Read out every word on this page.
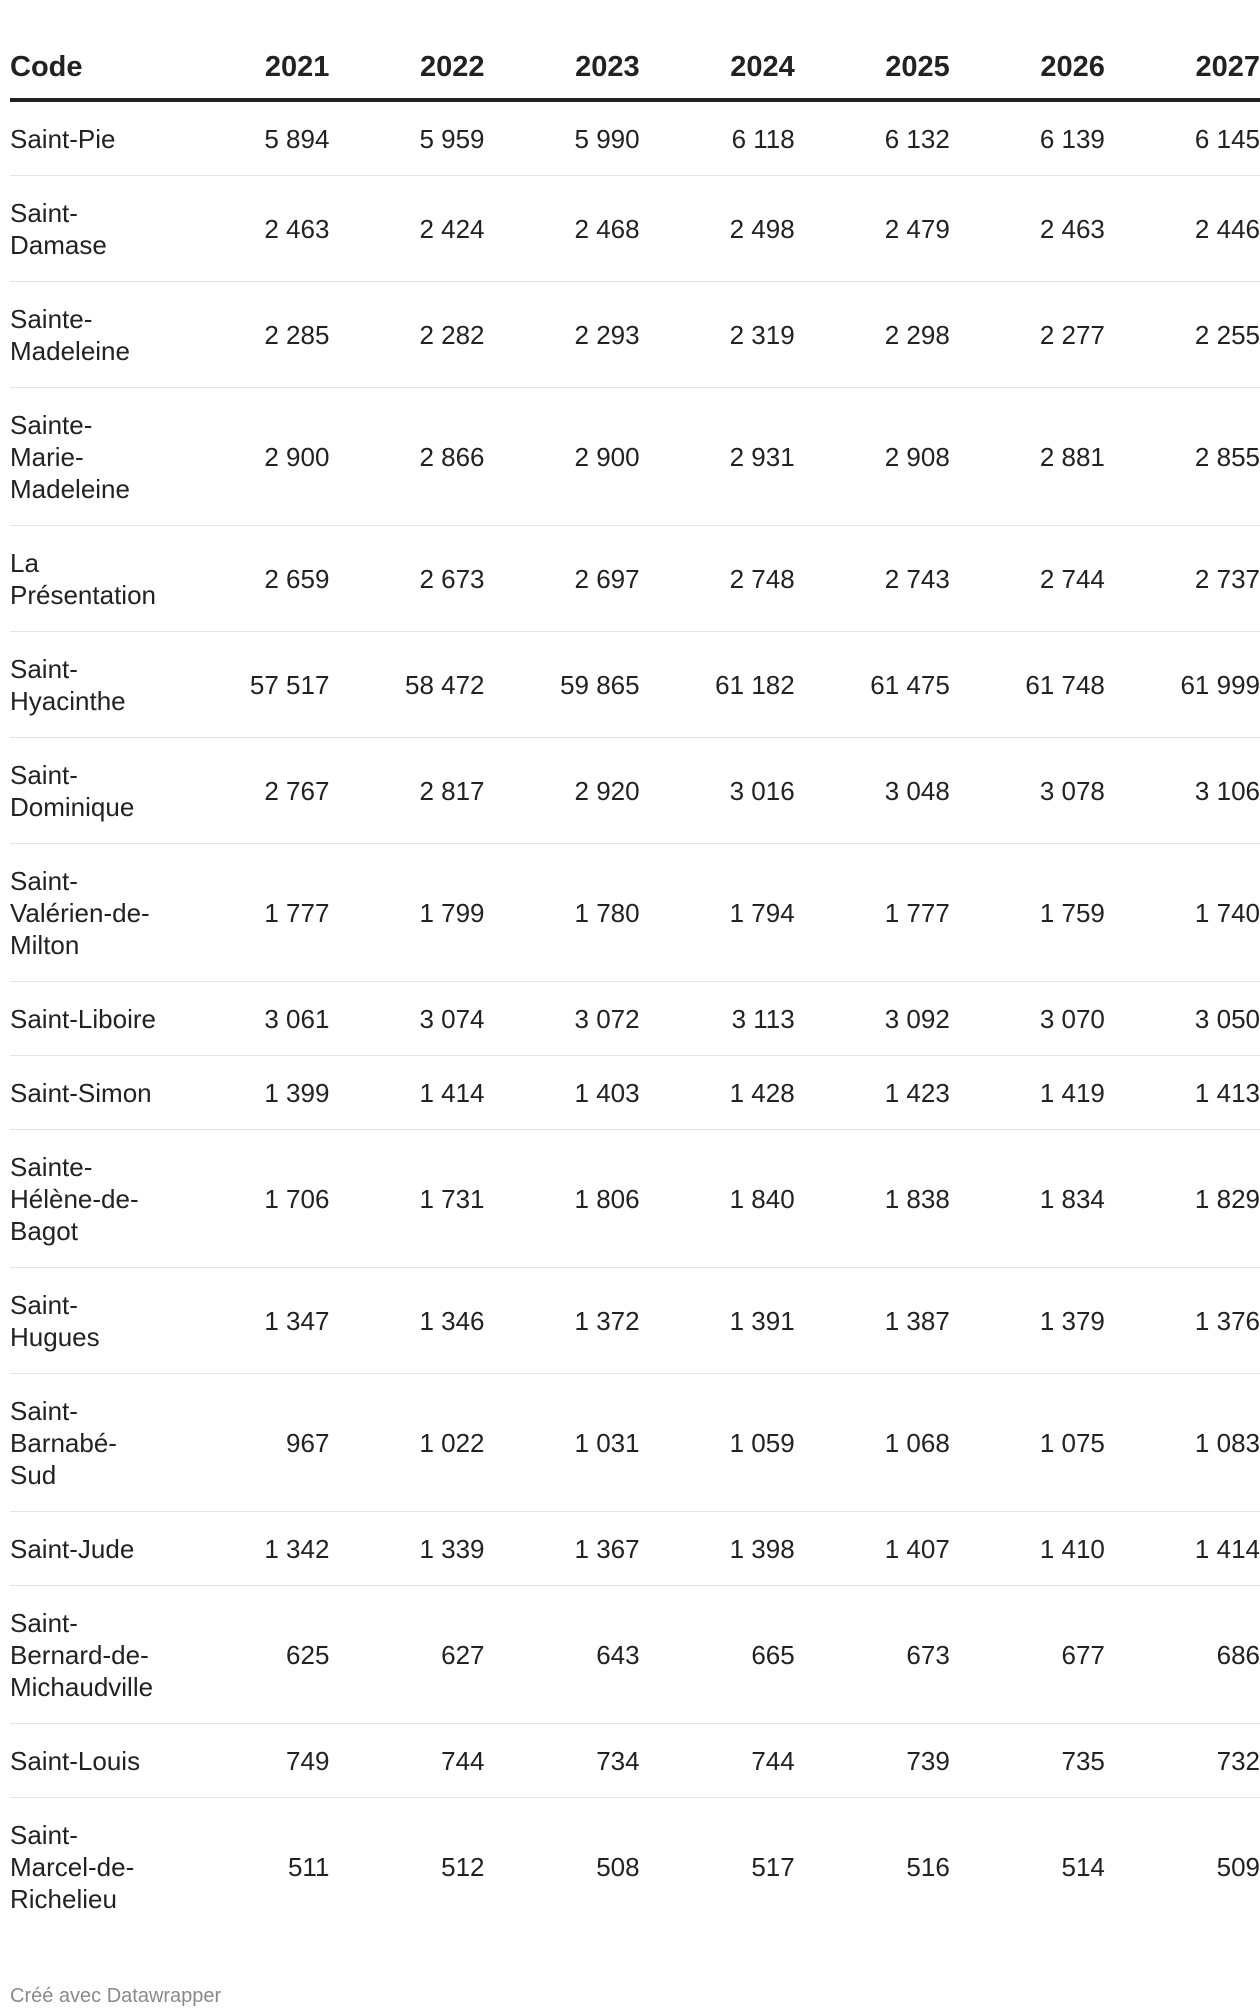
Code	2021	2022	2023	2024	2025	2026	2027
Saint-Pie	5 894	5 959	5 990	6 118	6 132	6 139	6 145
Saint-
Damase	2 463	2 424	2 468	2 498	2 479	2 463	2 446
Sainte-
Madeleine	2 285	2 282	2 293	2 319	2 298	2 277	2 255
Sainte-
Marie-
Madeleine	2 900	2 866	2 900	2 931	2 908	2 881	2 855
La
Présentation	2 659	2 673	2 697	2 748	2 743	2 744	2 737
Saint-
Hyacinthe	57 517	58 472	59 865	61 182	61 475	61 748	61 999
Saint-
Dominique	2 767	2 817	2 920	3 016	3 048	3 078	3 106
Saint-
Valérien-de-
Milton	1 777	1 799	1 780	1 794	1 777	1 759	1 740
Saint-Liboire	3 061	3 074	3 072	3 113	3 092	3 070	3 050
Saint-Simon	1 399	1 414	1 403	1 428	1 423	1 419	1 413
Sainte-
Hélène-de-
Bagot	1 706	1 731	1 806	1 840	1 838	1 834	1 829
Saint-
Hugues	1 347	1 346	1 372	1 391	1 387	1 379	1 376
Saint-
Barnabé-
Sud	967	1 022	1 031	1 059	1 068	1 075	1 083
Saint-Jude	1 342	1 339	1 367	1 398	1 407	1 410	1 414
Saint-
Bernard-de-
Michaudville	625	627	643	665	673	677	686
Saint-Louis	749	744	734	744	739	735	732
Saint-
Marcel-de-
Richelieu	511	512	508	517	516	514	509
Créé avec Datawrapper
